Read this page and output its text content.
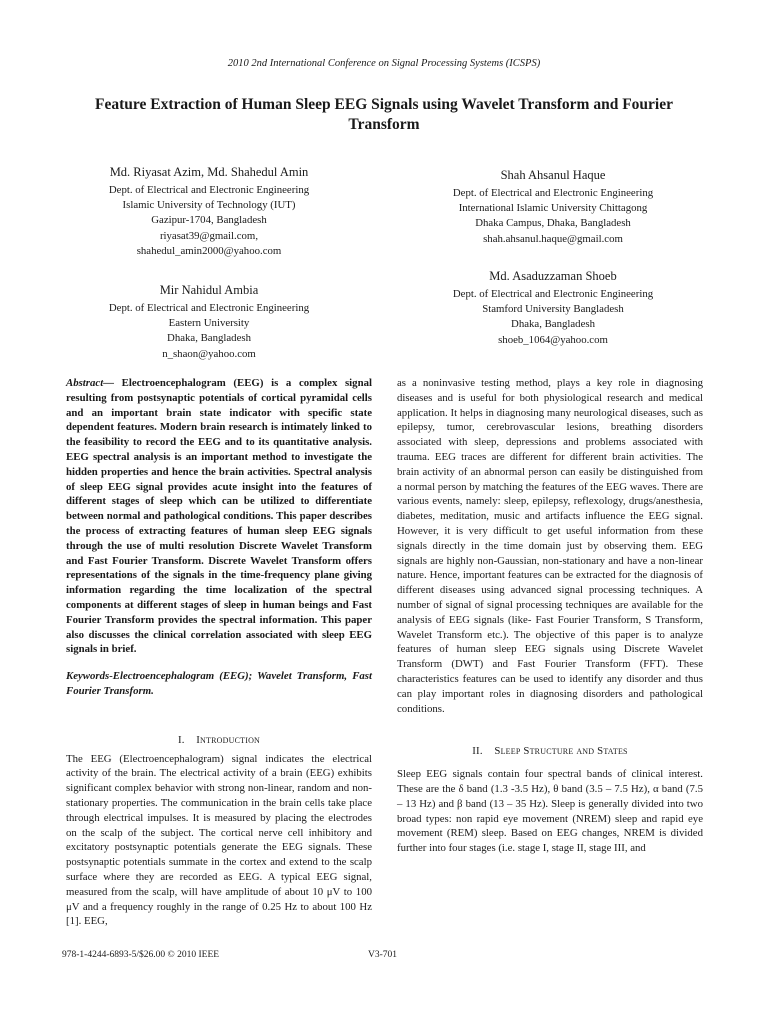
2010 2nd International Conference on Signal Processing Systems (ICSPS)
Feature Extraction of Human Sleep EEG Signals using Wavelet Transform and Fourier Transform
Md. Riyasat Azim, Md. Shahedul Amin
Dept. of Electrical and Electronic Engineering
Islamic University of Technology (IUT)
Gazipur-1704, Bangladesh
riyasat39@gmail.com,
shahedul_amin2000@yahoo.com
Shah Ahsanul Haque
Dept. of Electrical and Electronic Engineering
International Islamic University Chittagong
Dhaka Campus, Dhaka, Bangladesh
shah.ahsanul.haque@gmail.com
Mir Nahidul Ambia
Dept. of Electrical and Electronic Engineering
Eastern University
Dhaka, Bangladesh
n_shaon@yahoo.com
Md. Asaduzzaman Shoeb
Dept. of Electrical and Electronic Engineering
Stamford University Bangladesh
Dhaka, Bangladesh
shoeb_1064@yahoo.com

Abstract— Electroencephalogram (EEG) is a complex signal resulting from postsynaptic potentials of cortical pyramidal cells and an important brain state indicator with specific state dependent features. Modern brain research is intimately linked to the feasibility to record the EEG and to its quantitative analysis. EEG spectral analysis is an important method to investigate the hidden properties and hence the brain activities. Spectral analysis of sleep EEG signal provides acute insight into the features of different stages of sleep which can be utilized to differentiate between normal and pathological conditions. This paper describes the process of extracting features of human sleep EEG signals through the use of multi resolution Discrete Wavelet Transform and Fast Fourier Transform. Discrete Wavelet Transform offers representations of the signals in the time-frequency plane giving information regarding the time localization of the spectral components at different stages of sleep in human beings and Fast Fourier Transform provides the spectral information. This paper also discusses the clinical correlation associated with sleep EEG signals in brief.

Keywords-Electroencephalogram (EEG); Wavelet Transform, Fast Fourier Transform.

I. Introduction

The EEG (Electroencephalogram) signal indicates the electrical activity of the brain. The electrical activity of a brain (EEG) exhibits significant complex behavior with strong non-linear, random and non-stationary properties. The communication in the brain cells take place through electrical impulses. It is measured by placing the electrodes on the scalp of the subject. The cortical nerve cell inhibitory and excitatory postsynaptic potentials generate the EEG signals. These postsynaptic potentials summate in the cortex and extend to the scalp surface where they are recorded as EEG. A typical EEG signal, measured from the scalp, will have amplitude of about 10 μV to 100 μV and a frequency roughly in the range of 0.25 Hz to about 100 Hz [1]. EEG,

as a noninvasive testing method, plays a key role in diagnosing diseases and is useful for both physiological research and medical application. It helps in diagnosing many neurological diseases, such as epilepsy, tumor, cerebrovascular lesions, breathing disorders associated with sleep, depressions and problems associated with trauma. EEG traces are different for different brain activities. The brain activity of an abnormal person can easily be distinguished from a normal person by matching the features of the EEG waves. There are various events, namely: sleep, epilepsy, reflexology, drugs/anesthesia, diabetes, meditation, music and artifacts influence the EEG signal. However, it is very difficult to get useful information from these signals directly in the time domain just by observing them. EEG signals are highly non-Gaussian, non-stationary and have a non-linear nature. Hence, important features can be extracted for the diagnosis of different diseases using advanced signal processing techniques. A number of signal of signal processing techniques are available for the analysis of EEG signals (like- Fast Fourier Transform, S Transform, Wavelet Transform etc.). The objective of this paper is to analyze features of human sleep EEG signals using Discrete Wavelet Transform (DWT) and Fast Fourier Transform (FFT). These characteristics features can be used to identify any disorder and thus can play important roles in diagnosing disorders and pathological conditions.

II. Sleep Structure and States

Sleep EEG signals contain four spectral bands of clinical interest. These are the δ band (1.3 -3.5 Hz), θ band (3.5 – 7.5 Hz), α band (7.5 – 13 Hz) and β band (13 – 35 Hz). Sleep is generally divided into two broad types: non rapid eye movement (NREM) sleep and rapid eye movement (REM) sleep. Based on EEG changes, NREM is divided further into four stages (i.e. stage I, stage II, stage III, and

978-1-4244-6893-5/$26.00 © 2010 IEEE	V3-701
